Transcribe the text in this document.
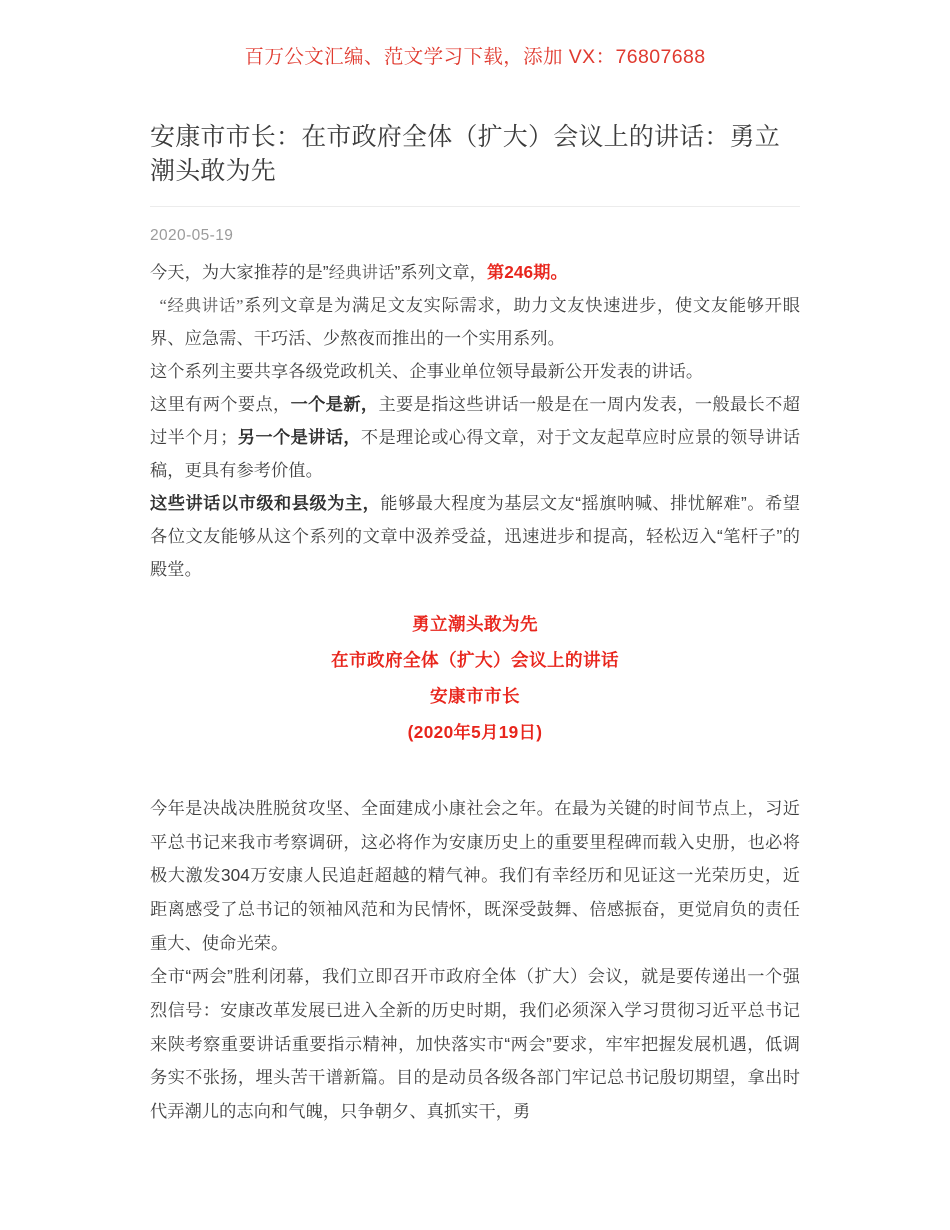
百万公文汇编、范文学习下载，添加 VX：76807688
安康市市长：在市政府全体（扩大）会议上的讲话：勇立潮头敢为先
2020-05-19

今天，为大家推荐的是”经典讲话”系列文章，第246期。

“经典讲话”系列文章是为满足文友实际需求，助力文友快速进步，使文友能够开眼界、应急需、干巧活、少熬夜而推出的一个实用系列。

这个系列主要共享各级党政机关、企事业单位领导最新公开发表的讲话。

这里有两个要点，一个是新，主要是指这些讲话一般是在一周内发表，一般最长不超过半个月；另一个是讲话，不是理论或心得文章，对于文友起草应时应景的领导讲话稿，更具有参考价值。

这些讲话以市级和县级为主，能够最大程度为基层文友“摇旗呐喊、排忧解难”。希望各位文友能够从这个系列的文章中汲养受益，迅速进步和提高，轻松迈入“笔杆子”的殿堂。

勇立潮头敢为先
在市政府全体（扩大）会议上的讲话
安康市市长
(2020年5月19日)

今年是决战决胜脱贫攻坚、全面建成小康社会之年。在最为关键的时间节点上，习近平总书记来我市考察调研，这必将作为安康历史上的重要里程碑而载入史册，也必将极大激发304万安康人民追赶超越的精气神。我们有幸经历和见证这一光荣历史，近距离感受了总书记的领袖风范和为民情怀，既深受鼓舞、倍感振奋，更觉肩负的责任重大、使命光荣。

全市“两会”胜利闭幕，我们立即召开市政府全体（扩大）会议，就是要传递出一个强烈信号：安康改革发展已进入全新的历史时期，我们必须深入学习贯彻习近平总书记来陕考察重要讲话重要指示精神，加快落实市“两会”要求，牢牢把握发展机遇，低调务实不张扬，埋头苦干谱新篇。目的是动员各级各部门牢记总书记殷切期望，拿出时代弄潮儿的志向和气魄，只争朝夕、真抓实干，勇
